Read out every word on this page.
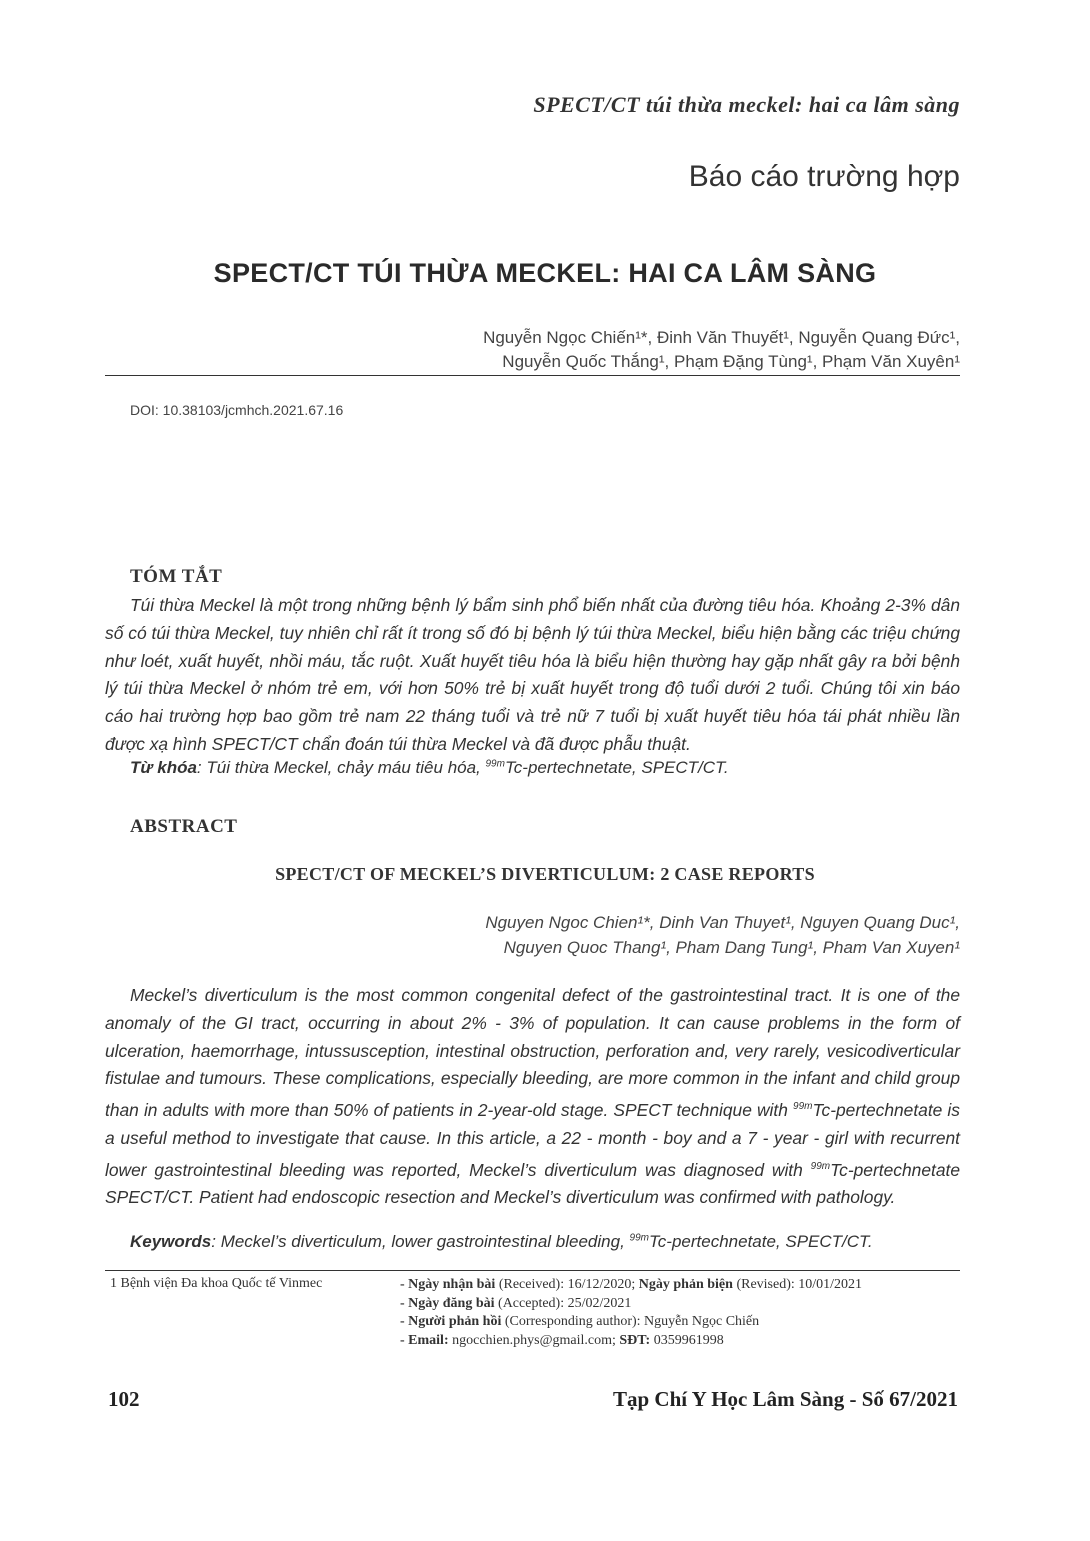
SPECT/CT túi thừa meckel: hai ca lâm sàng
Báo cáo trường hợp
SPECT/CT TÚI THỪA MECKEL: HAI CA LÂM SÀNG
Nguyễn Ngọc Chiến¹*, Đinh Văn Thuyết¹, Nguyễn Quang Đức¹,
Nguyễn Quốc Thắng¹, Phạm Đặng Tùng¹, Phạm Văn Xuyên¹
DOI: 10.38103/jcmhch.2021.67.16
TÓM TẮT
Túi thừa Meckel là một trong những bệnh lý bẩm sinh phổ biến nhất của đường tiêu hóa. Khoảng 2-3% dân số có túi thừa Meckel, tuy nhiên chỉ rất ít trong số đó bị bệnh lý túi thừa Meckel, biểu hiện bằng các triệu chứng như loét, xuất huyết, nhồi máu, tắc ruột. Xuất huyết tiêu hóa là biểu hiện thường hay gặp nhất gây ra bởi bệnh lý túi thừa Meckel ở nhóm trẻ em, với hơn 50% trẻ bị xuất huyết trong độ tuổi dưới 2 tuổi. Chúng tôi xin báo cáo hai trường hợp bao gồm trẻ nam 22 tháng tuổi và trẻ nữ 7 tuổi bị xuất huyết tiêu hóa tái phát nhiều lần được xạ hình SPECT/CT chẩn đoán túi thừa Meckel và đã được phẫu thuật.
Từ khóa: Túi thừa Meckel, chảy máu tiêu hóa, $^{99m}$Tc-pertechnetate, SPECT/CT.
ABSTRACT
SPECT/CT OF MECKEL’S DIVERTICULUM: 2 CASE REPORTS
Nguyen Ngoc Chien¹*, Dinh Van Thuyet¹, Nguyen Quang Duc¹,
Nguyen Quoc Thang¹, Pham Dang Tung¹, Pham Van Xuyen¹
Meckel’s diverticulum is the most common congenital defect of the gastrointestinal tract. It is one of the anomaly of the GI tract, occurring in about 2% - 3% of population. It can cause problems in the form of ulceration, haemorrhage, intussusception, intestinal obstruction, perforation and, very rarely, vesicodiverticular fistulae and tumours. These complications, especially bleeding, are more common in the infant and child group than in adults with more than 50% of patients in 2-year-old stage. SPECT technique with $^{99m}$Tc-pertechnetate is a useful method to investigate that cause. In this article, a 22 - month - boy and a 7 - year - girl with recurrent lower gastrointestinal bleeding was reported, Meckel’s diverticulum was diagnosed with $^{99m}$Tc-pertechnetate SPECT/CT. Patient had endoscopic resection and Meckel’s diverticulum was confirmed with pathology.
Keywords: Meckel’s diverticulum, lower gastrointestinal bleeding, $^{99m}$Tc-pertechnetate, SPECT/CT.
1 Bệnh viện Đa khoa Quốc tế Vinmec	- Ngày nhận bài (Received): 16/12/2020; Ngày phản biện (Revised): 10/01/2021
- Ngày đăng bài (Accepted): 25/02/2021
- Người phản hồi (Corresponding author): Nguyễn Ngọc Chiến
- Email: ngocchien.phys@gmail.com; SĐT: 0359961998
102	Tạp Chí Y Học Lâm Sàng - Số 67/2021
